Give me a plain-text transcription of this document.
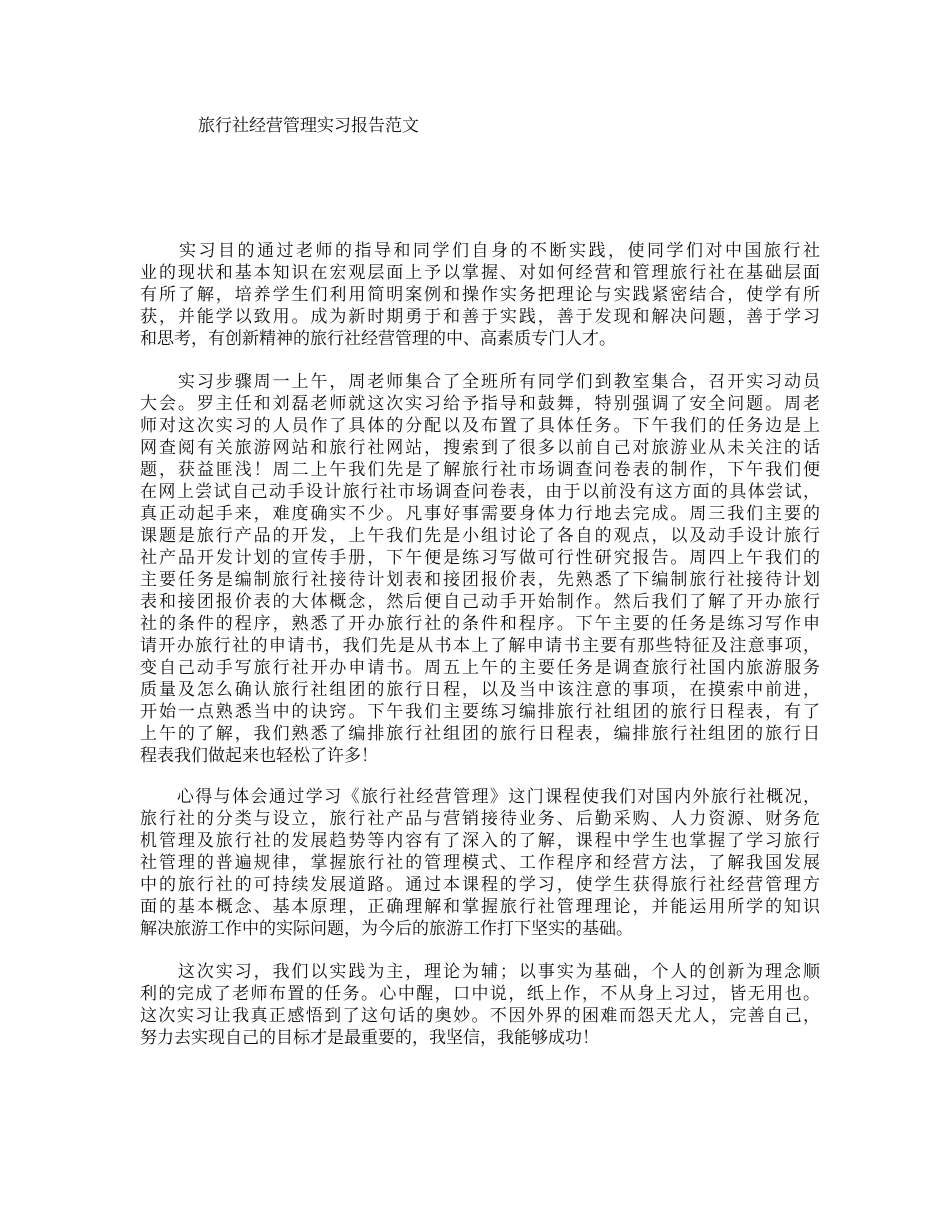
旅行社经营管理实习报告范文
　　实习目的通过老师的指导和同学们自身的不断实践，使同学们对中国旅行社
业的现状和基本知识在宏观层面上予以掌握、对如何经营和管理旅行社在基础层面
有所了解，培养学生们利用简明案例和操作实务把理论与实践紧密结合，使学有所
获，并能学以致用。成为新时期勇于和善于实践，善于发现和解决问题，善于学习
和思考，有创新精神的旅行社经营管理的中、高素质专门人才。
　　实习步骤周一上午，周老师集合了全班所有同学们到教室集合，召开实习动员
大会。罗主任和刘磊老师就这次实习给予指导和鼓舞，特别强调了安全问题。周老
师对这次实习的人员作了具体的分配以及布置了具体任务。下午我们的任务边是上
网查阅有关旅游网站和旅行社网站，搜索到了很多以前自己对旅游业从未关注的话
题，获益匪浅！周二上午我们先是了解旅行社市场调查问卷表的制作，下午我们便
在网上尝试自己动手设计旅行社市场调查问卷表，由于以前没有这方面的具体尝试，
真正动起手来，难度确实不少。凡事好事需要身体力行地去完成。周三我们主要的
课题是旅行产品的开发，上午我们先是小组讨论了各自的观点，以及动手设计旅行
社产品开发计划的宣传手册，下午便是练习写做可行性研究报告。周四上午我们的
主要任务是编制旅行社接待计划表和接团报价表，先熟悉了下编制旅行社接待计划
表和接团报价表的大体概念，然后便自己动手开始制作。然后我们了解了开办旅行
社的条件的程序，熟悉了开办旅行社的条件和程序。下午主要的任务是练习写作申
请开办旅行社的申请书，我们先是从书本上了解申请书主要有那些特征及注意事项，
变自己动手写旅行社开办申请书。周五上午的主要任务是调查旅行社国内旅游服务
质量及怎么确认旅行社组团的旅行日程，以及当中该注意的事项，在摸索中前进，
开始一点熟悉当中的诀窍。下午我们主要练习编排旅行社组团的旅行日程表，有了
上午的了解，我们熟悉了编排旅行社组团的旅行日程表，编排旅行社组团的旅行日
程表我们做起来也轻松了许多！
　　心得与体会通过学习《旅行社经营管理》这门课程使我们对国内外旅行社概况，
旅行社的分类与设立，旅行社产品与营销接待业务、后勤采购、人力资源、财务危
机管理及旅行社的发展趋势等内容有了深入的了解，课程中学生也掌握了学习旅行
社管理的普遍规律，掌握旅行社的管理模式、工作程序和经营方法，了解我国发展
中的旅行社的可持续发展道路。通过本课程的学习，使学生获得旅行社经营管理方
面的基本概念、基本原理，正确理解和掌握旅行社管理理论，并能运用所学的知识
解决旅游工作中的实际问题，为今后的旅游工作打下坚实的基础。
　　这次实习，我们以实践为主，理论为辅；以事实为基础，个人的创新为理念顺
利的完成了老师布置的任务。心中醒，口中说，纸上作，不从身上习过，皆无用也。
这次实习让我真正感悟到了这句话的奥妙。不因外界的困难而怨天尤人，完善自己，
努力去实现自己的目标才是最重要的，我坚信，我能够成功！
